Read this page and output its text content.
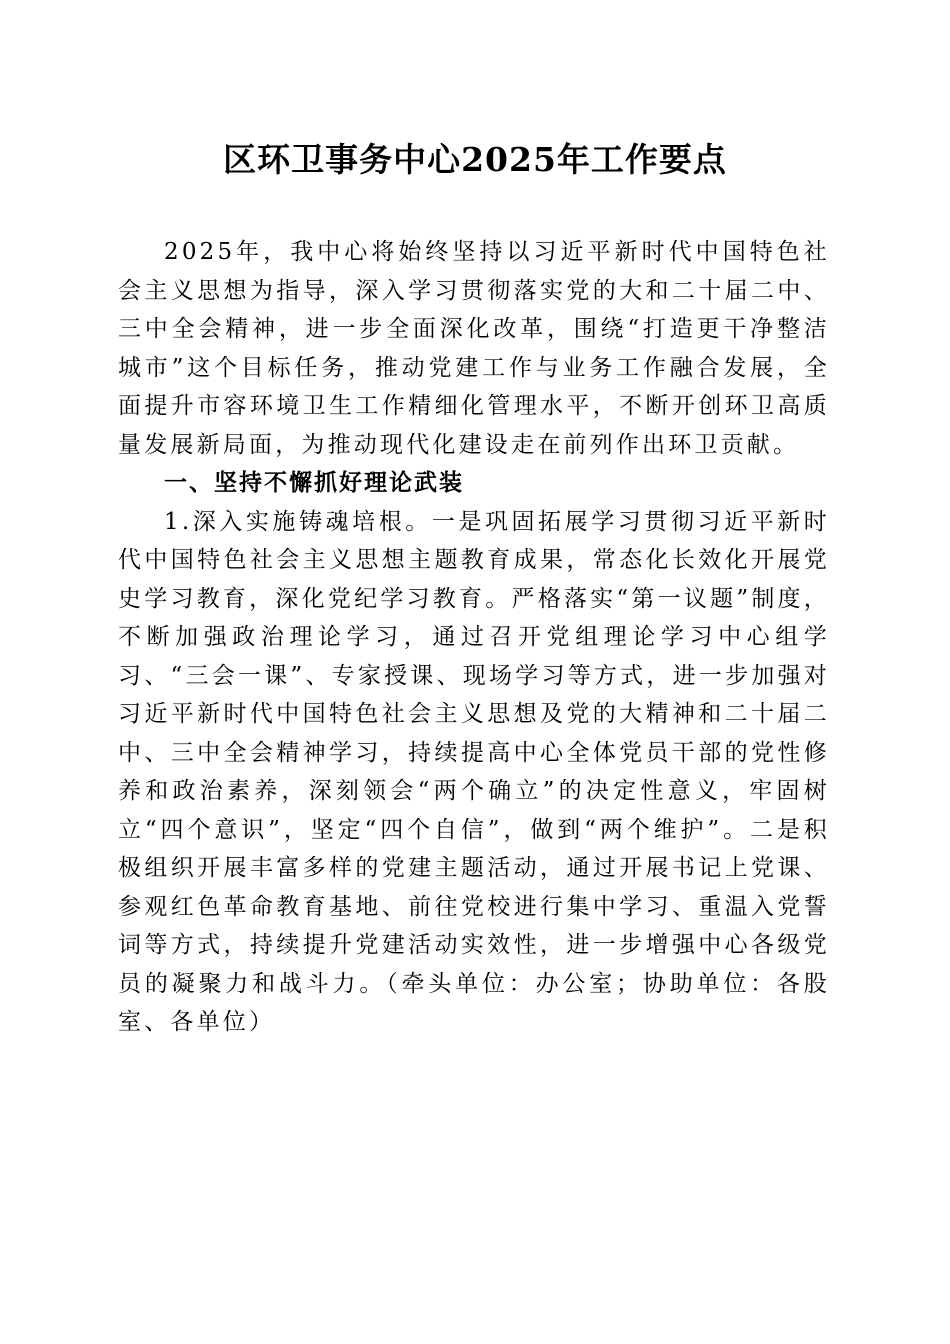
区环卫事务中心2025年工作要点

2025年，我中心将始终坚持以习近平新时代中国特色社会主义思想为指导，深入学习贯彻落实党的大和二十届二中、三中全会精神，进一步全面深化改革，围绕“打造更干净整洁城市”这个目标任务，推动党建工作与业务工作融合发展，全面提升市容环境卫生工作精细化管理水平，不断开创环卫高质量发展新局面，为推动现代化建设走在前列作出环卫贡献。

一、坚持不懈抓好理论武装

1.深入实施铸魂培根。一是巩固拓展学习贯彻习近平新时代中国特色社会主义思想主题教育成果，常态化长效化开展党史学习教育，深化党纪学习教育。严格落实“第一议题”制度，不断加强政治理论学习，通过召开党组理论学习中心组学习、“三会一课”、专家授课、现场学习等方式，进一步加强对习近平新时代中国特色社会主义思想及党的大精神和二十届二中、三中全会精神学习，持续提高中心全体党员干部的党性修养和政治素养，深刻领会“两个确立”的决定性意义，牢固树立“四个意识”，坚定“四个自信”，做到“两个维护”。二是积极组织开展丰富多样的党建主题活动，通过开展书记上党课、参观红色革命教育基地、前往党校进行集中学习、重温入党誓词等方式，持续提升党建活动实效性，进一步增强中心各级党员的凝聚力和战斗力。（牵头单位：办公室；协助单位：各股室、各单位）
